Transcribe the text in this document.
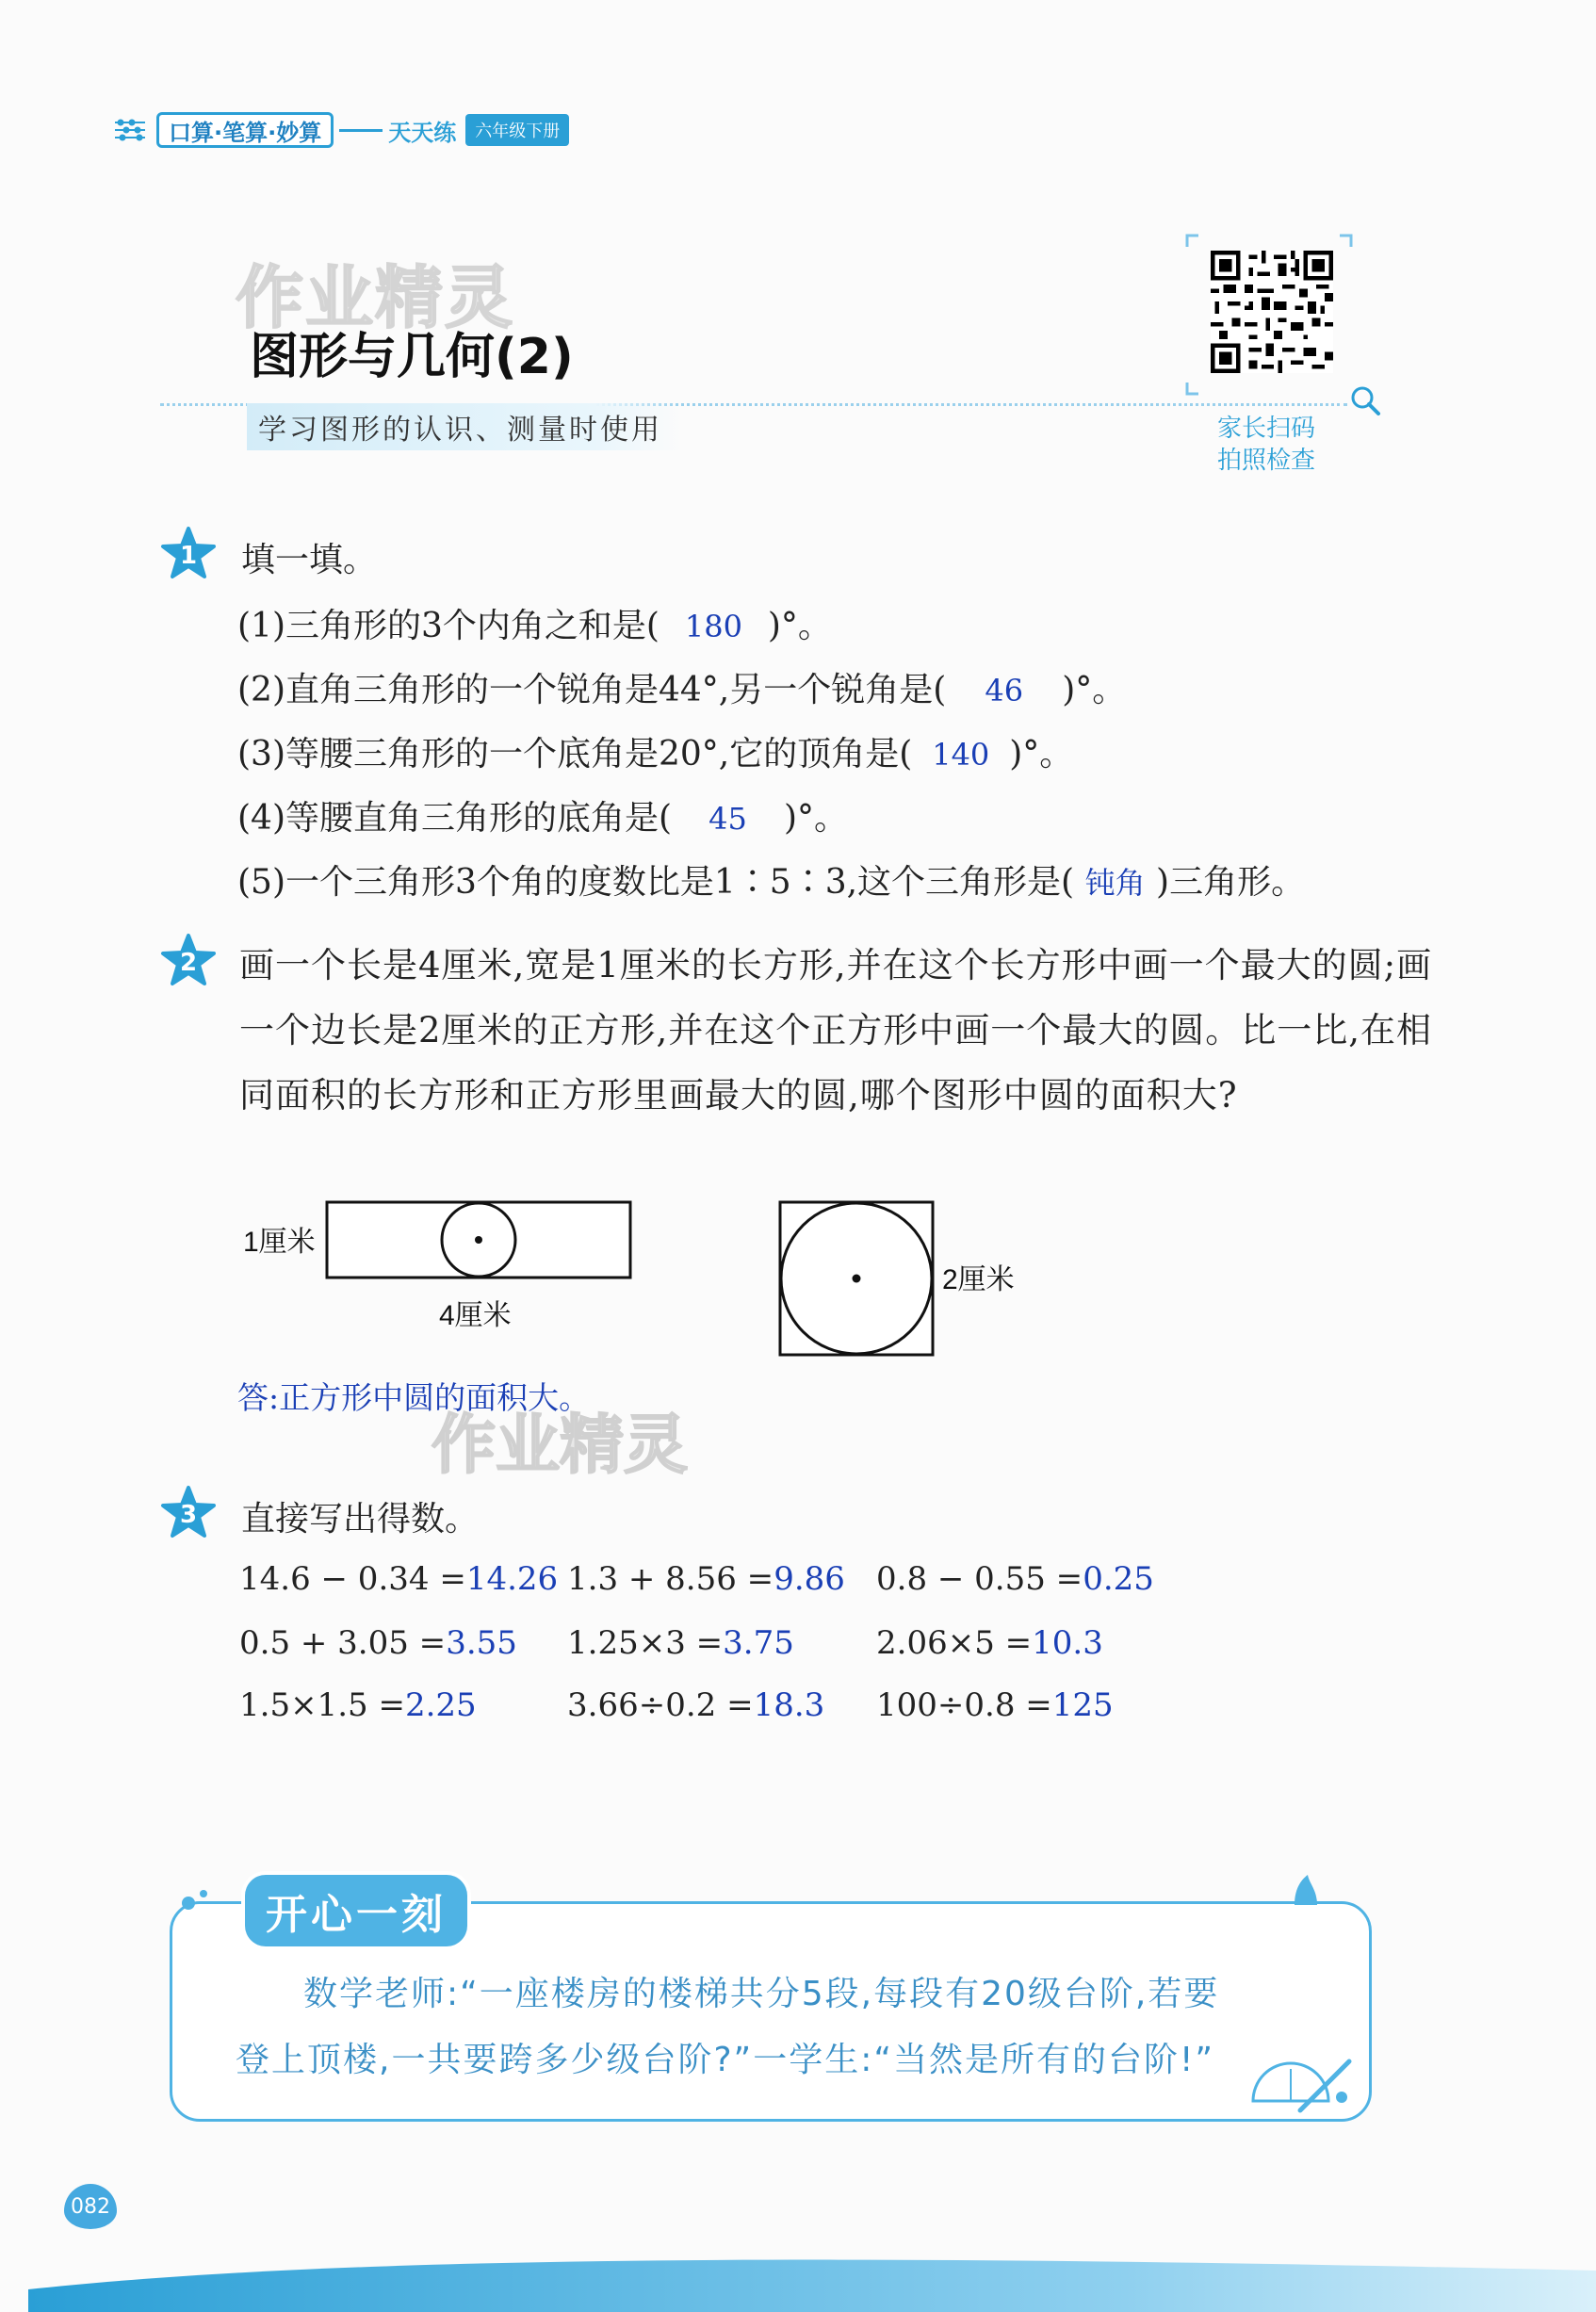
口算·笔算·妙算	天天练	六年级下册
作业精灵
图形与几何(2)
学习图形的认识、测量时使用	家长扫码
拍照检查
1 填一填。
(1)三角形的3个内角之和是( 180 )°。
(2)直角三角形的一个锐角是44°,另一个锐角是( 46 )°。
(3)等腰三角形的一个底角是20°,它的顶角是( 140 )°。
(4)等腰直角三角形的底角是( 45 )°。
(5)一个三角形3个角的度数比是1∶5∶3,这个三角形是( 钝角 )三角形。
2 画一个长是4厘米,宽是1厘米的长方形,并在这个长方形中画一个最大的圆;画一个边长是2厘米的正方形,并在这个正方形中画一个最大的圆。比一比,在相同面积的长方形和正方形里画最大的圆,哪个图形中圆的面积大?
1厘米
4厘米
2厘米
答:正方形中圆的面积大。
作业精灵
3 直接写出得数。
14.6 − 0.34 =14.26 1.3 + 8.56 =9.86 0.8 − 0.55 =0.25
0.5 + 3.05 =3.55 1.25×3 =3.75	2.06×5 =10.3
1.5×1.5 =2.25	3.66÷0.2 =18.3 100÷0.8 =125
开心一刻
数学老师:“一座楼房的楼梯共分5段,每段有20级台阶,若要
登上顶楼,一共要跨多少级台阶?”一学生:“当然是所有的台阶!”
082
